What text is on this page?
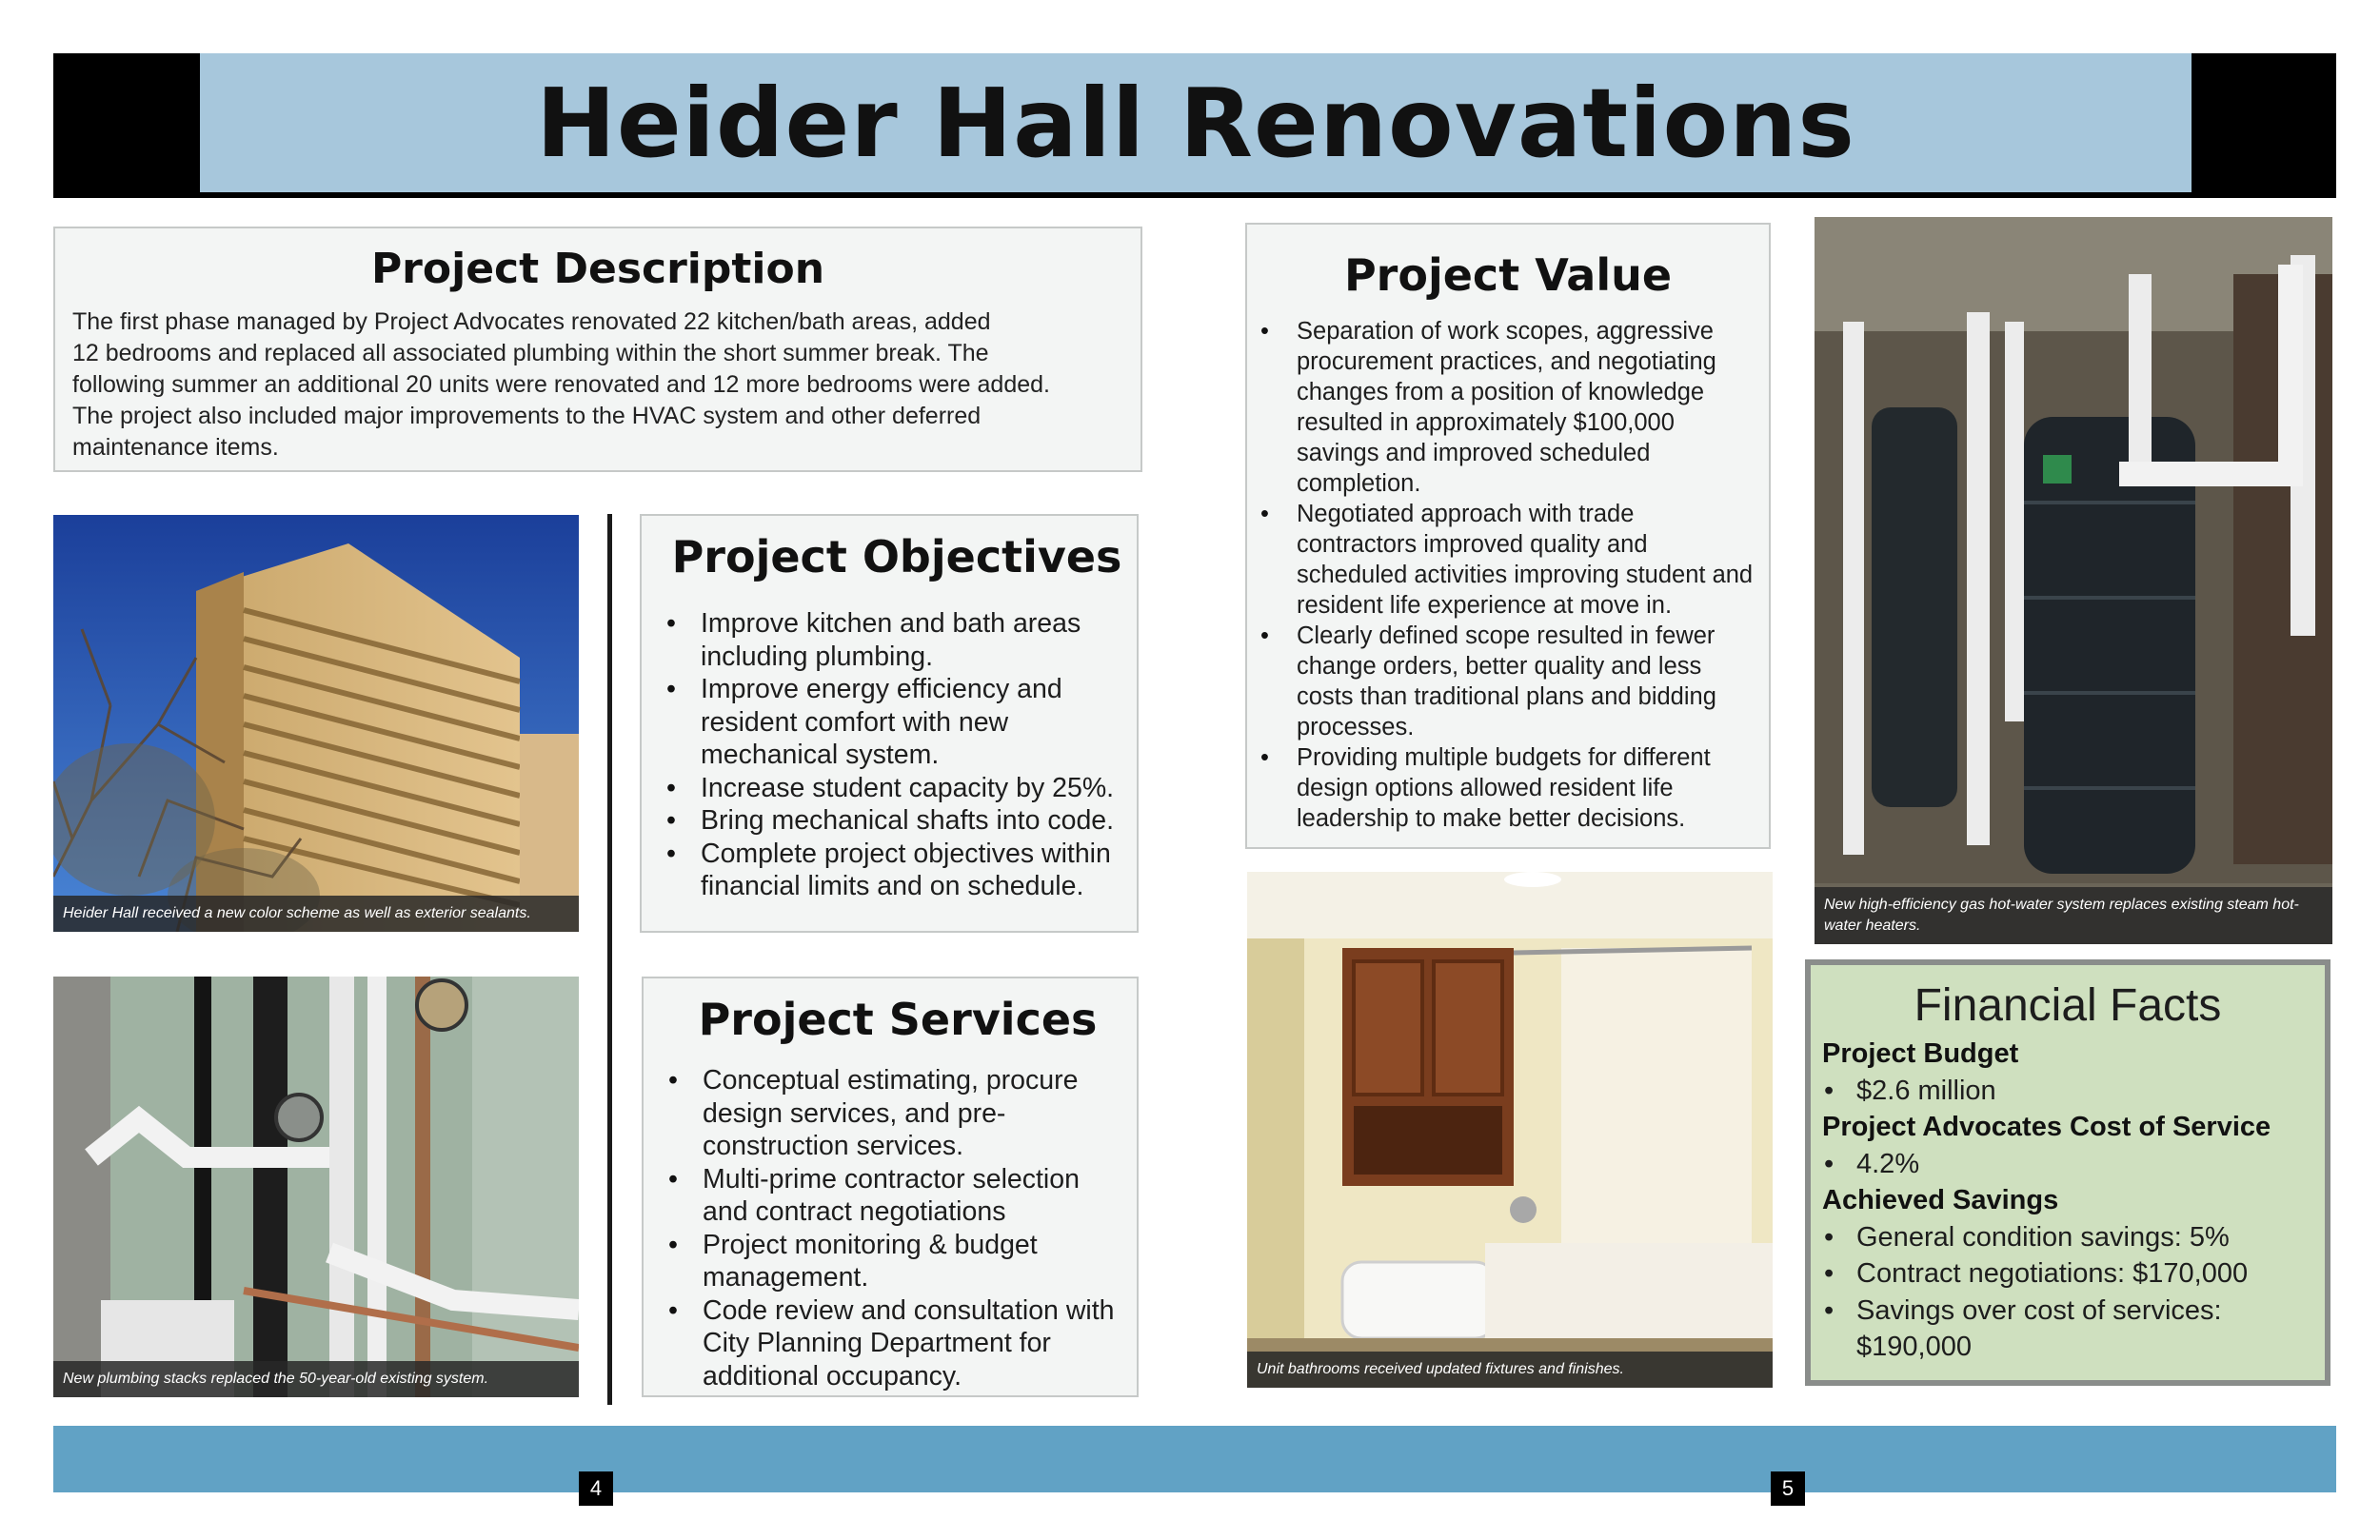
Heider Hall Renovations
Project Description

The first phase managed by Project Advocates renovated 22 kitchen/bath areas, added
12 bedrooms and replaced all associated plumbing within the short summer break. The
following summer an additional 20 units were renovated and 12 more bedrooms were added.
The project also included major improvements to the HVAC system and other deferred
maintenance items.

Heider Hall received a new color scheme as well as exterior sealants.
New plumbing stacks replaced the 50-year-old existing system.
Project Objectives
• Improve kitchen and bath areas including plumbing.
• Improve energy efficiency and resident comfort with new mechanical system.
• Increase student capacity by 25%.
• Bring mechanical shafts into code.
• Complete project objectives within financial limits and on schedule.
Project Services
• Conceptual estimating, procure design services, and pre-construction services.
• Multi-prime contractor selection and contract negotiations
• Project monitoring & budget management.
• Code review and consultation with City Planning Department for additional occupancy.
Project Value
• Separation of work scopes, aggressive procurement practices, and negotiating changes from a position of knowledge resulted in approximately $100,000 savings and improved scheduled completion.
• Negotiated approach with trade contractors improved quality and scheduled activities improving student and resident life experience at move in.
• Clearly defined scope resulted in fewer change orders, better quality and less costs than traditional plans and bidding processes.
• Providing multiple budgets for different design options allowed resident life leadership to make better decisions.
Unit bathrooms received updated fixtures and finishes.
New high-efficiency gas hot-water system replaces existing steam hot-water heaters.
Financial Facts
Project Budget
• $2.6 million
Project Advocates Cost of Service
• 4.2%
Achieved Savings
• General condition savings: 5%
• Contract negotiations: $170,000
• Savings over cost of services: $190,000
4	5
